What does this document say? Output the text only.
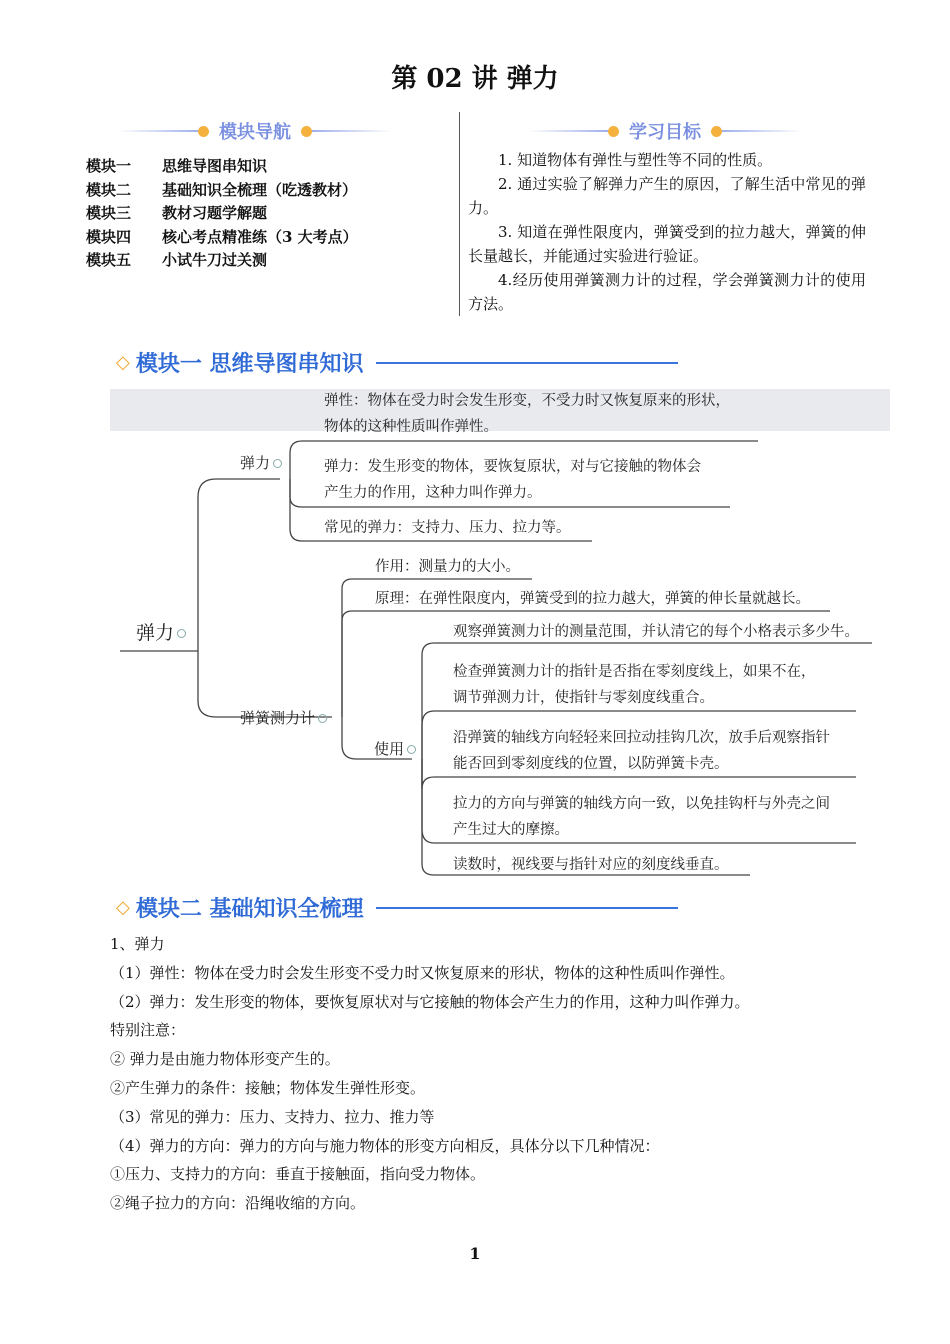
第 02 讲 弹力
模块导航	学习目标
模块一	思维导图串知识
模块二	基础知识全梳理（吃透教材）
模块三	教材习题学解题
模块四	核心考点精准练（3 大考点）
模块五	小试牛刀过关测

1. 知道物体有弹性与塑性等不同的性质。

2. 通过实验了解弹力产生的原因，了解生活中常见的弹力。

3. 知道在弹性限度内，弹簧受到的拉力越大，弹簧的伸长量越长，并能通过实验进行验证。

4.经历使用弹簧测力计的过程，学会弹簧测力计的使用方法。

◇ 模块一 思维导图串知识
弹力
弹力
弹簧测力计
使用
弹性：物体在受力时会发生形变，不受力时又恢复原来的形状，
物体的这种性质叫作弹性。
弹力：发生形变的物体，要恢复原状，对与它接触的物体会
产生力的作用，这种力叫作弹力。
常见的弹力：支持力、压力、拉力等。
作用：测量力的大小。
原理：在弹性限度内，弹簧受到的拉力越大，弹簧的伸长量就越长。
观察弹簧测力计的测量范围，并认清它的每个小格表示多少牛。
检查弹簧测力计的指针是否指在零刻度线上，如果不在，
调节弹测力计，使指针与零刻度线重合。
沿弹簧的轴线方向轻轻来回拉动挂钩几次，放手后观察指针
能否回到零刻度线的位置，以防弹簧卡壳。
拉力的方向与弹簧的轴线方向一致，以免挂钩杆与外壳之间
产生过大的摩擦。
读数时，视线要与指针对应的刻度线垂直。
◇ 模块二 基础知识全梳理

1、弹力

（1）弹性：物体在受力时会发生形变不受力时又恢复原来的形状，物体的这种性质叫作弹性。

（2）弹力：发生形变的物体，要恢复原状对与它接触的物体会产生力的作用，这种力叫作弹力。

特别注意：

② 弹力是由施力物体形变产生的。

②产生弹力的条件：接触；物体发生弹性形变。

（3）常见的弹力：压力、支持力、拉力、推力等

（4）弹力的方向：弹力的方向与施力物体的形变方向相反，具体分以下几种情况：

①压力、支持力的方向：垂直于接触面，指向受力物体。

②绳子拉力的方向：沿绳收缩的方向。

1
